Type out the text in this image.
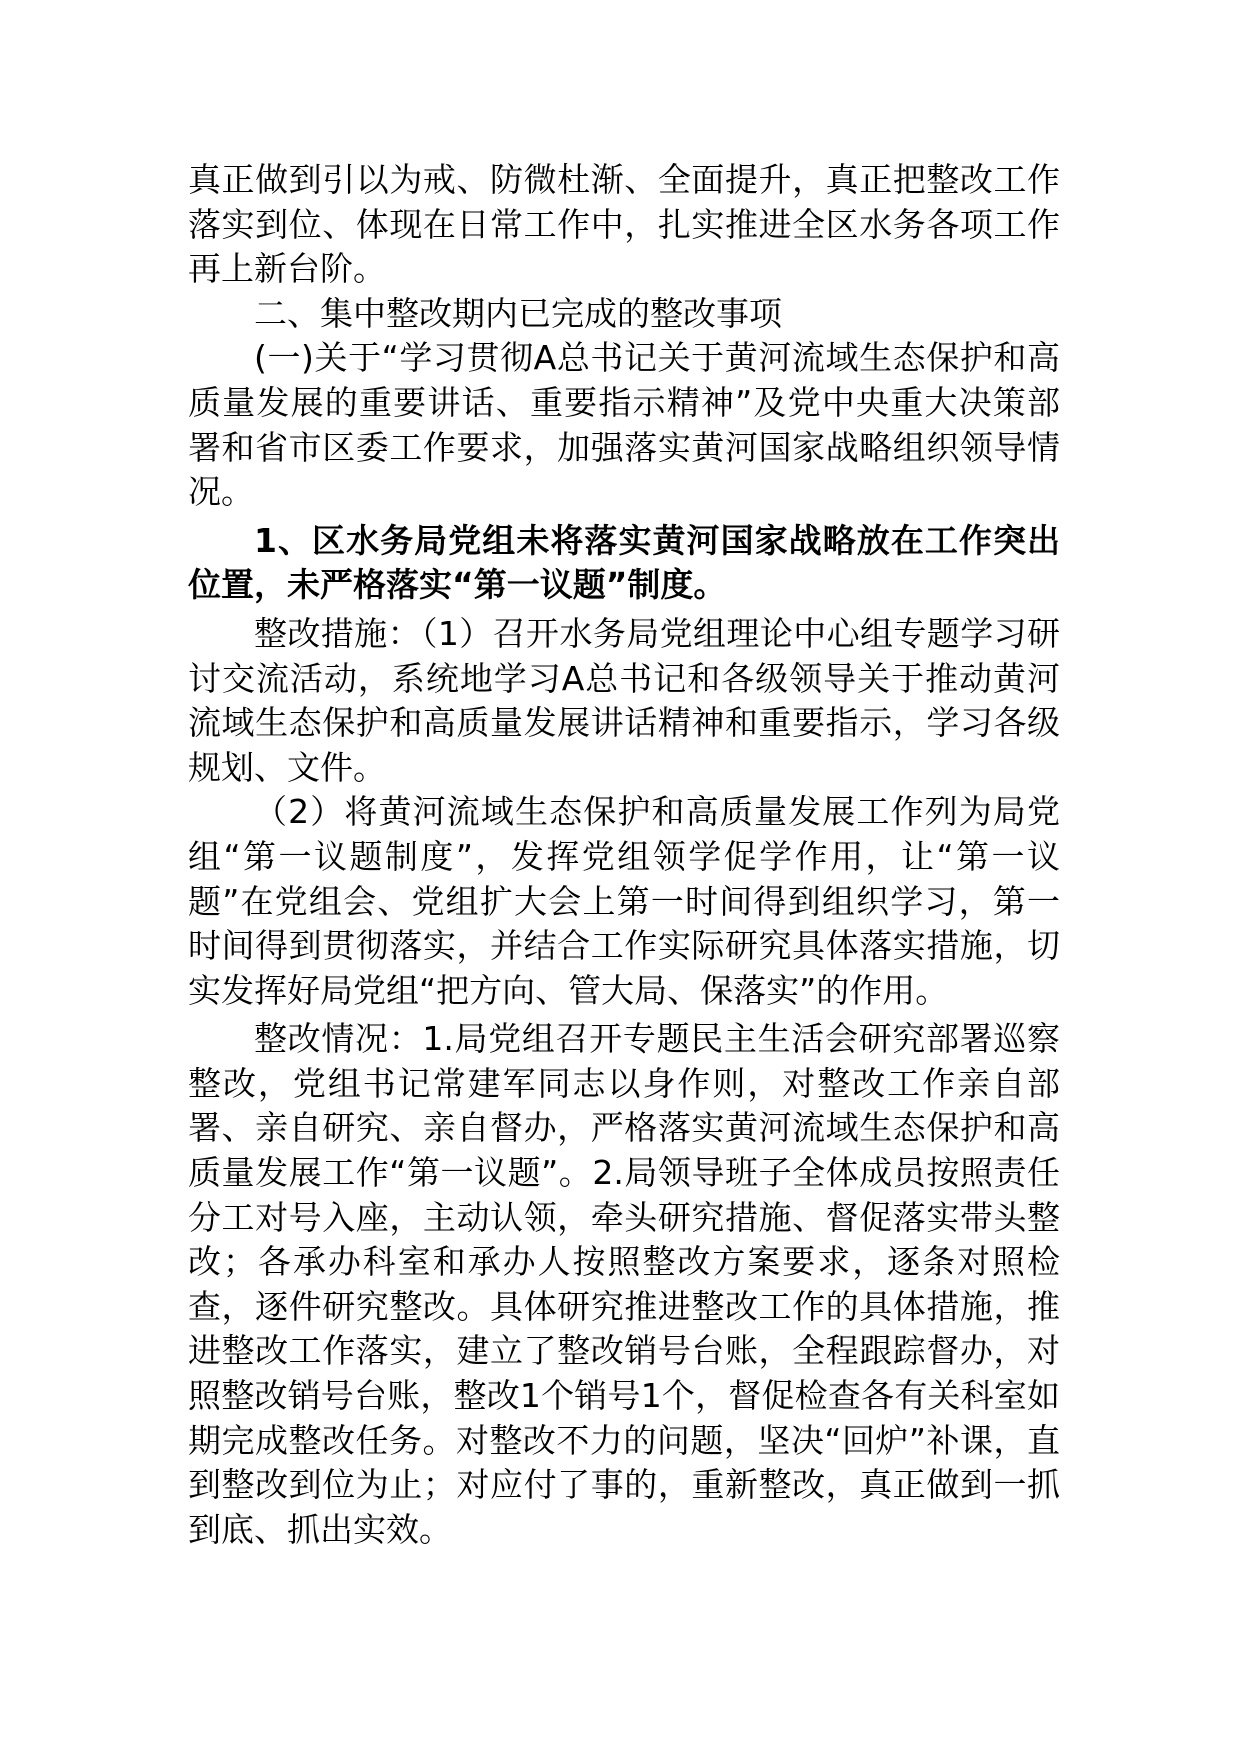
真正做到引以为戒、防微杜渐、全面提升，真正把整改工作落实到位、体现在日常工作中，扎实推进全区水务各项工作再上新台阶。

二、集中整改期内已完成的整改事项

(一)关于“学习贯彻A总书记关于黄河流域生态保护和高质量发展的重要讲话、重要指示精神”及党中央重大决策部署和省市区委工作要求，加强落实黄河国家战略组织领导情况。

1、区水务局党组未将落实黄河国家战略放在工作突出位置，未严格落实“第一议题”制度。

整改措施：（1）召开水务局党组理论中心组专题学习研讨交流活动，系统地学习A总书记和各级领导关于推动黄河流域生态保护和高质量发展讲话精神和重要指示，学习各级规划、文件。

（2）将黄河流域生态保护和高质量发展工作列为局党组“第一议题制度”，发挥党组领学促学作用，让“第一议题”在党组会、党组扩大会上第一时间得到组织学习，第一时间得到贯彻落实，并结合工作实际研究具体落实措施，切实发挥好局党组“把方向、管大局、保落实”的作用。

整改情况：1.局党组召开专题民主生活会研究部署巡察整改，党组书记常建军同志以身作则，对整改工作亲自部署、亲自研究、亲自督办，严格落实黄河流域生态保护和高质量发展工作“第一议题”。2.局领导班子全体成员按照责任分工对号入座，主动认领，牵头研究措施、督促落实带头整改；各承办科室和承办人按照整改方案要求，逐条对照检查，逐件研究整改。具体研究推进整改工作的具体措施，推进整改工作落实，建立了整改销号台账，全程跟踪督办，对照整改销号台账，整改1个销号1个，督促检查各有关科室如期完成整改任务。对整改不力的问题，坚决“回炉”补课，直到整改到位为止；对应付了事的，重新整改，真正做到一抓到底、抓出实效。
